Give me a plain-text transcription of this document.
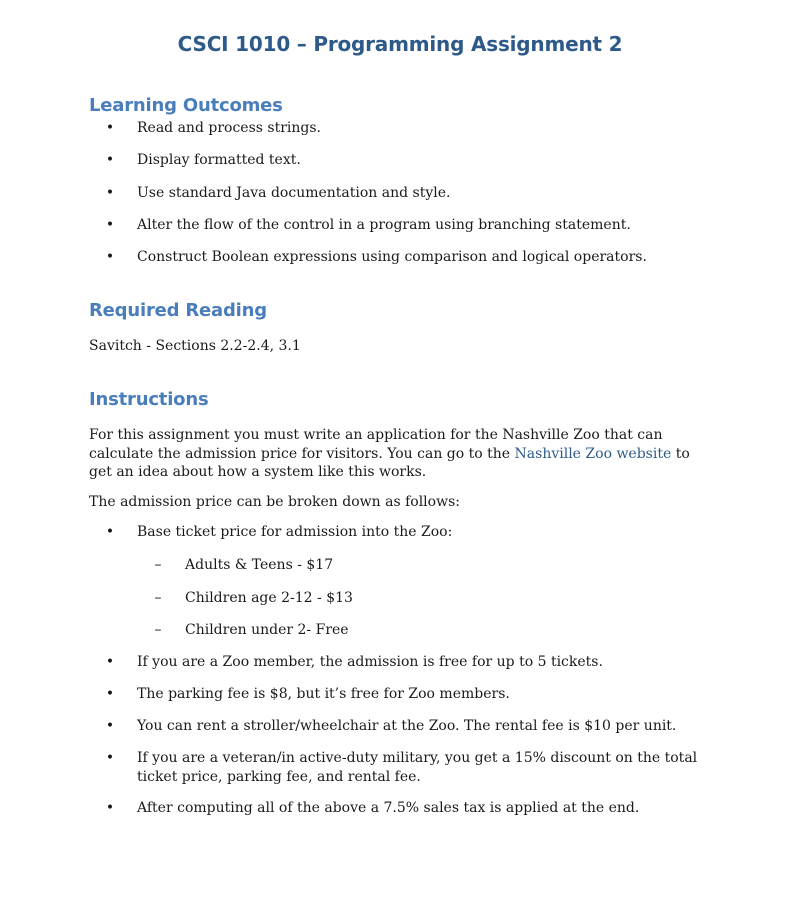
CSCI 1010 – Programming Assignment 2
Learning Outcomes
• Read and process strings.
• Display formatted text.
• Use standard Java documentation and style.
• Alter the flow of the control in a program using branching statement.
• Construct Boolean expressions using comparison and logical operators.
Required Reading
Savitch - Sections 2.2-2.4, 3.1
Instructions
For this assignment you must write an application for the Nashville Zoo that can calculate the admission price for visitors. You can go to the Nashville Zoo website to get an idea about how a system like this works.
The admission price can be broken down as follows:
• Base ticket price for admission into the Zoo:
– Adults & Teens - $17
– Children age 2-12 - $13
– Children under 2- Free
• If you are a Zoo member, the admission is free for up to 5 tickets.
• The parking fee is $8, but it’s free for Zoo members.
• You can rent a stroller/wheelchair at the Zoo. The rental fee is $10 per unit.
• If you are a veteran/in active-duty military, you get a 15% discount on the total ticket price, parking fee, and rental fee.
• After computing all of the above a 7.5% sales tax is applied at the end.
